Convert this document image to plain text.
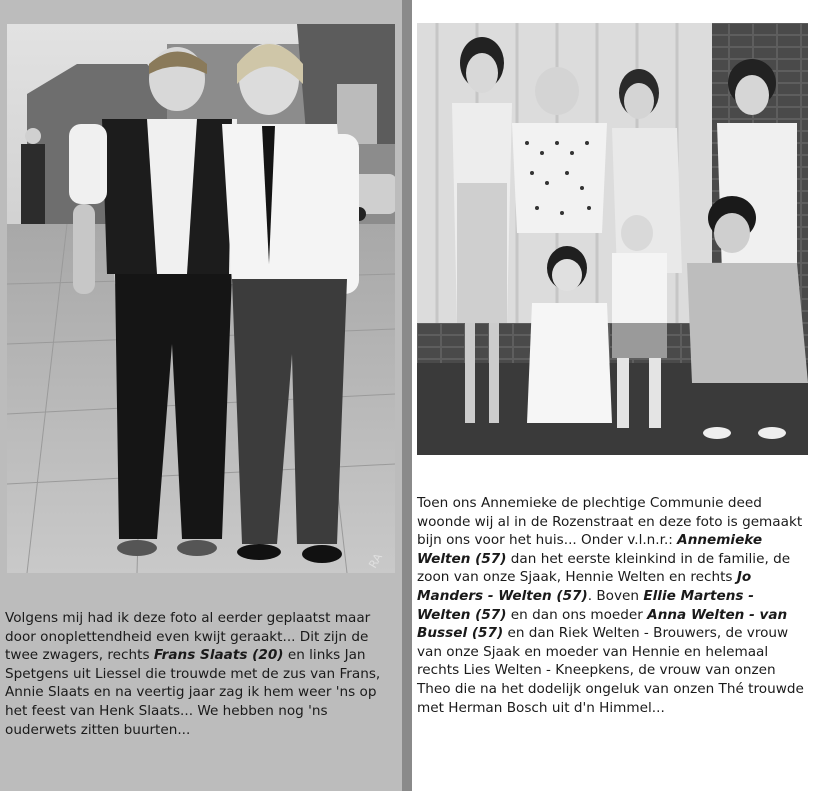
RA
Volgens mij had ik deze foto al eerder geplaatst maar door onoplettendheid even kwijt geraakt... Dit zijn de twee zwagers, rechts Frans Slaats (20) en links Jan Spetgens uit Liessel die trouwde met de zus van Frans, Annie Slaats en na veertig jaar zag ik hem weer 'ns op het feest van Henk Slaats... We hebben nog 'ns ouderwets zitten buurten...
Toen ons Annemieke de plechtige Communie deed woonde wij al in de Rozenstraat en deze foto is gemaakt bijn ons voor het huis... Onder v.l.n.r.: Annemieke Welten (57) dan het eerste kleinkind in de familie, de zoon van onze Sjaak, Hennie Welten en rechts Jo Manders - Welten (57). Boven Ellie Martens - Welten (57) en dan ons moeder Anna Welten - van Bussel (57) en dan Riek Welten - Brouwers, de vrouw van onze Sjaak en moeder van Hennie en helemaal rechts Lies Welten - Kneepkens, de vrouw van onzen Theo die na het dodelijk ongeluk van onzen Thé trouwde met Herman Bosch uit d'n Himmel...
